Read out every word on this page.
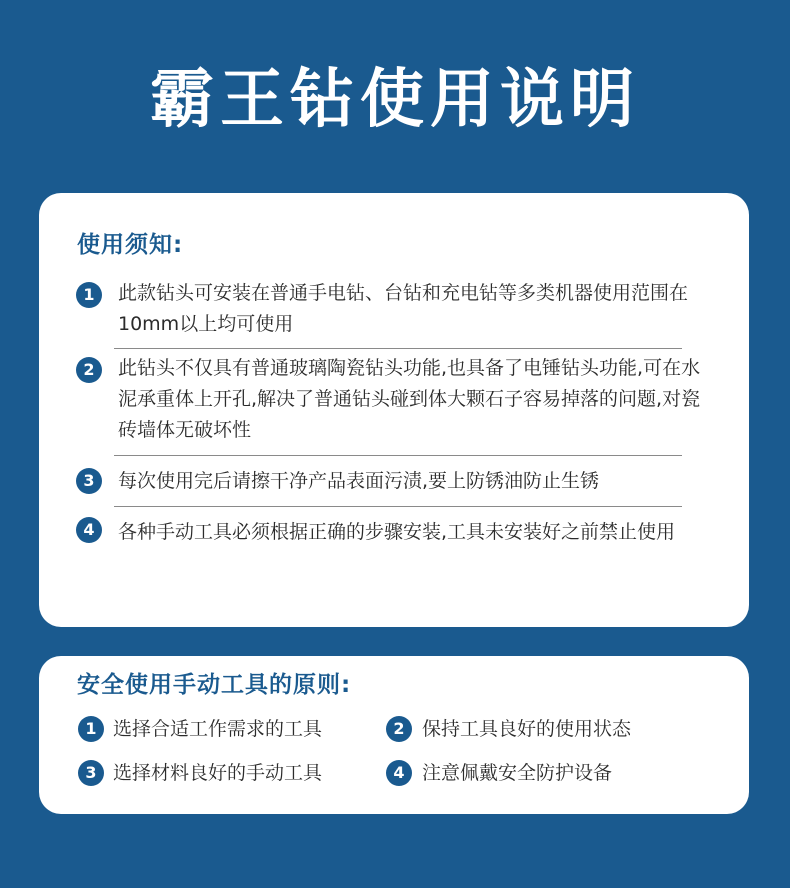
霸王钻使用说明
使用须知:
1	此款钻头可安装在普通手电钻、台钻和充电钻等多类机器使用范围在10mm以上均可使用
2	此钻头不仅具有普通玻璃陶瓷钻头功能,也具备了电锤钻头功能,可在水泥承重体上开孔,解决了普通钻头碰到体大颗石子容易掉落的问题,对瓷砖墙体无破坏性
3	每次使用完后请擦干净产品表面污渍,要上防锈油防止生锈
4	各种手动工具必须根据正确的步骤安装,工具未安装好之前禁止使用
安全使用手动工具的原则:
1 选择合适工作需求的工具	2 保持工具良好的使用状态
3 选择材料良好的手动工具	4 注意佩戴安全防护设备
